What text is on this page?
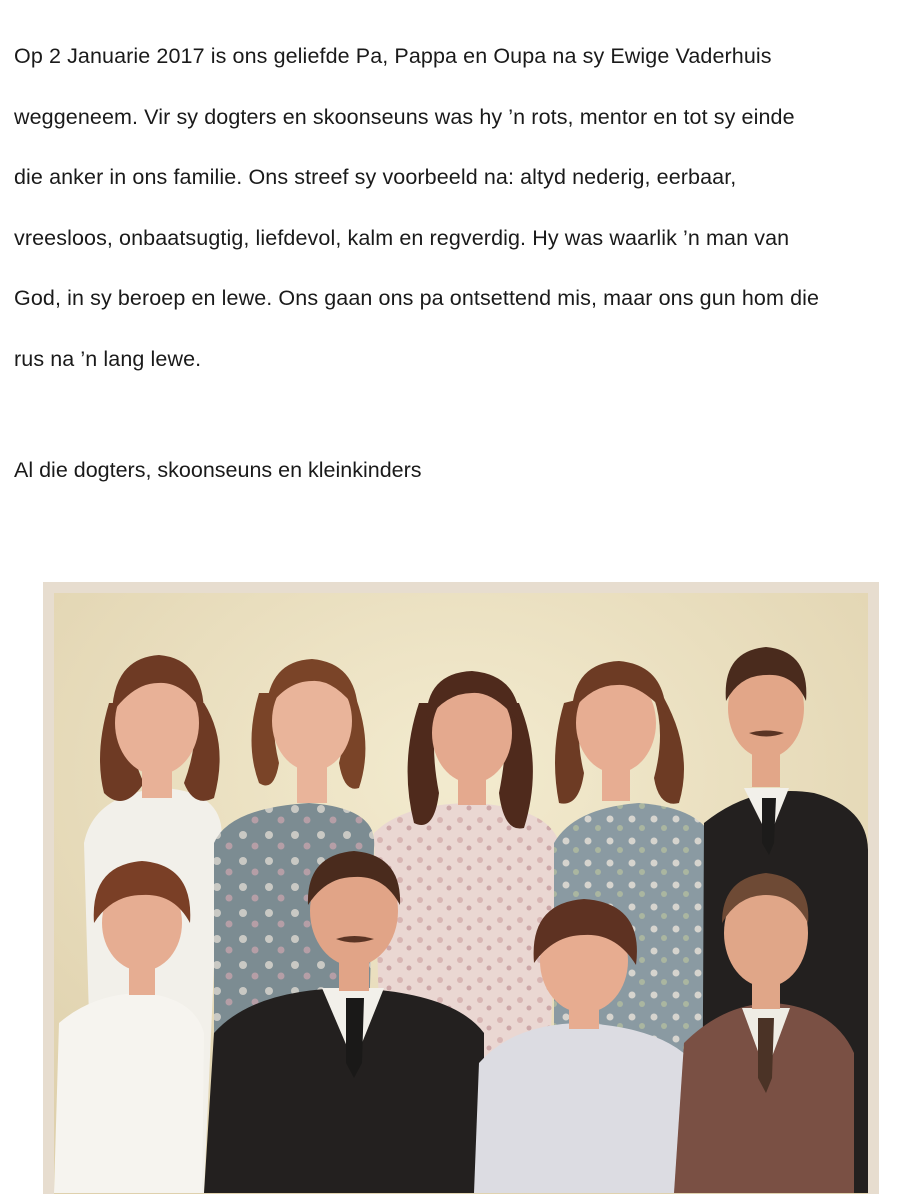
Op 2 Januarie 2017 is ons geliefde Pa, Pappa en Oupa na sy Ewige Vaderhuis
weggeneem. Vir sy dogters en skoonseuns was hy ’n rots, mentor en tot sy einde
die anker in ons familie. Ons streef sy voorbeeld na: altyd nederig, eerbaar,
vreesloos, onbaatsugtig, liefdevol, kalm en regverdig. Hy was waarlik ’n man van
God, in sy beroep en lewe. Ons gaan ons pa ontsettend mis, maar ons gun hom die
rus na ’n lang lewe.

Al die dogters, skoonseuns en kleinkinders
